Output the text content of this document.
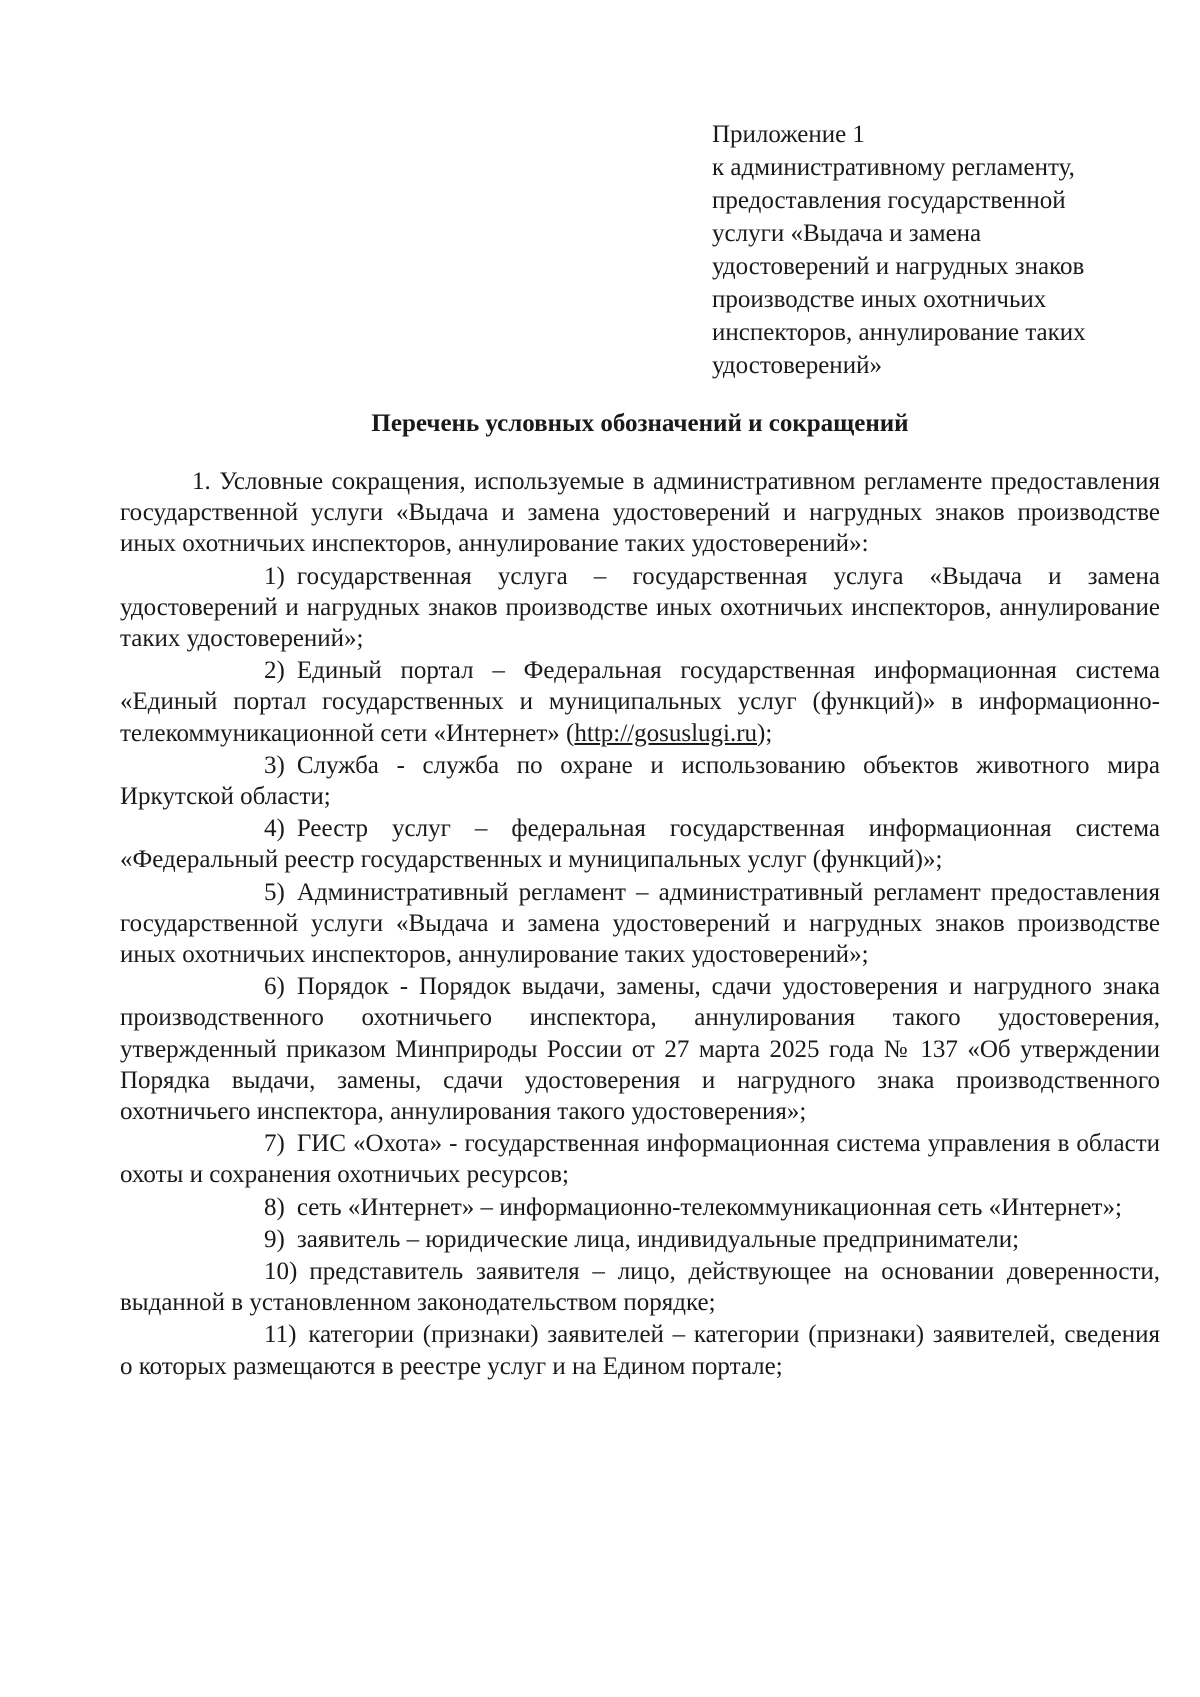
Приложение 1
к административному регламенту,
предоставления государственной
услуги «Выдача и замена
удостоверений и нагрудных знаков
производстве иных охотничьих
инспекторов, аннулирование таких
удостоверений»
Перечень условных обозначений и сокращений

1. Условные сокращения, используемые в административном регламенте предоставления государственной услуги «Выдача и замена удостоверений и нагрудных знаков производстве иных охотничьих инспекторов, аннулирование таких удостоверений»:

1) государственная услуга – государственная услуга «Выдача и замена удостоверений и нагрудных знаков производстве иных охотничьих инспекторов, аннулирование таких удостоверений»;

2) Единый портал – Федеральная государственная информационная система «Единый портал государственных и муниципальных услуг (функций)» в информационно-телекоммуникационной сети «Интернет» (http://gosuslugi.ru);

3) Служба - служба по охране и использованию объектов животного мира Иркутской области;

4) Реестр услуг – федеральная государственная информационная система «Федеральный реестр государственных и муниципальных услуг (функций)»;

5) Административный регламент – административный регламент предоставления государственной услуги «Выдача и замена удостоверений и нагрудных знаков производстве иных охотничьих инспекторов, аннулирование таких удостоверений»;

6) Порядок - Порядок выдачи, замены, сдачи удостоверения и нагрудного знака производственного охотничьего инспектора, аннулирования такого удостоверения, утвержденный приказом Минприроды России от 27 марта 2025 года № 137 «Об утверждении Порядка выдачи, замены, сдачи удостоверения и нагрудного знака производственного охотничьего инспектора, аннулирования такого удостоверения»;

7) ГИС «Охота» - государственная информационная система управления в области охоты и сохранения охотничьих ресурсов;

8) сеть «Интернет» – информационно-телекоммуникационная сеть «Интернет»;

9) заявитель – юридические лица, индивидуальные предприниматели;

10) представитель заявителя – лицо, действующее на основании доверенности, выданной в установленном законодательством порядке;

11) категории (признаки) заявителей – категории (признаки) заявителей, сведения о которых размещаются в реестре услуг и на Едином портале;
